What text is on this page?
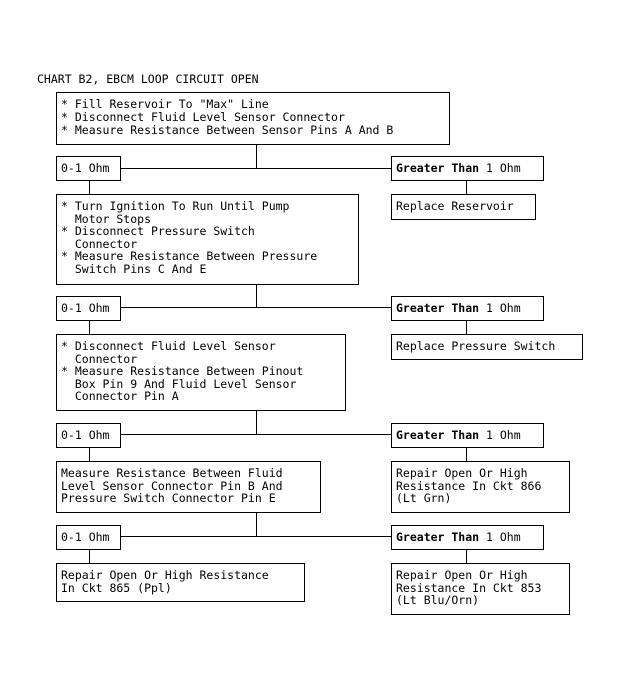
CHART B2, EBCM LOOP CIRCUIT OPEN
* Fill Reservoir To "Max" Line
* Disconnect Fluid Level Sensor Connector
* Measure Resistance Between Sensor Pins A And B
0-1 Ohm	Greater Than 1 Ohm
Replace Reservoir
* Turn Ignition To Run Until Pump
Motor Stops
* Disconnect Pressure Switch
Connector
* Measure Resistance Between Pressure
Switch Pins C And E
0-1 Ohm	Greater Than 1 Ohm
Replace Pressure Switch
* Disconnect Fluid Level Sensor
Connector
* Measure Resistance Between Pinout
Box Pin 9 And Fluid Level Sensor
Connector Pin A
0-1 Ohm	Greater Than 1 Ohm
Measure Resistance Between Fluid
Level Sensor Connector Pin B And
Pressure Switch Connector Pin E
Repair Open Or High
Resistance In Ckt 866
(Lt Grn)
0-1 Ohm	Greater Than 1 Ohm
Repair Open Or High Resistance
In Ckt 865 (Ppl)
Repair Open Or High
Resistance In Ckt 853
(Lt Blu/Orn)
